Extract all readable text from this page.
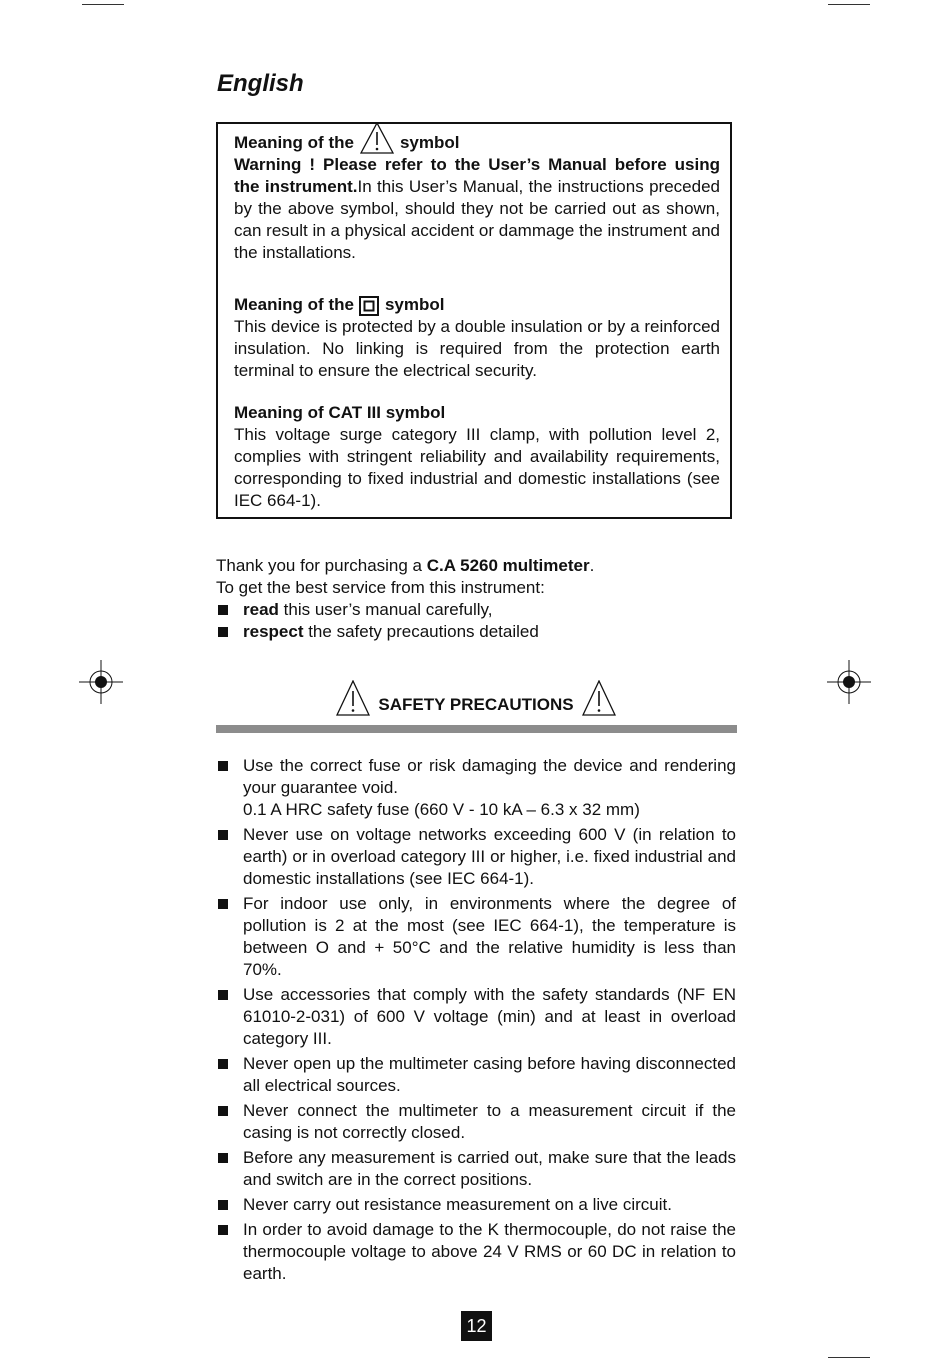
English
Meaning of the	symbol

Warning ! Please refer to the User’s Manual before using the instrument.In this User’s Manual, the instructions preceded by the above symbol, should they not be carried out as shown, can result in a physical accident or dammage the instrument and the installations.

Meaning of the symbol

This device is protected by a double insulation or by a reinforced insulation. No linking is required from the protection earth terminal to ensure the electrical security.

Meaning of CAT III symbol

This voltage surge category III clamp, with pollution level 2, complies with stringent reliability and availability requirements, corresponding to fixed industrial and domestic installations (see IEC 664-1).

Thank you for purchasing a C.A 5260 multimeter.
To get the best service from this instrument:
read this user’s manual carefully,
respect the safety precautions detailed
SAFETY PRECAUTIONS
Use the correct fuse or risk damaging the device and rendering your guarantee void.
0.1 A HRC safety fuse (660 V - 10 kA – 6.3 x 32 mm)
Never use on voltage networks exceeding 600 V (in relation to earth) or in overload category III or higher, i.e. fixed industrial and domestic installations (see IEC 664-1).
For indoor use only, in environments where the degree of pollution is 2 at the most (see IEC 664-1), the temperature is between O and + 50°C and the relative humidity is less than 70%.
Use accessories that comply with the safety standards (NF EN 61010-2-031) of 600 V voltage (min) and at least in overload category III.
Never open up the multimeter casing before having disconnected all electrical sources.
Never connect the multimeter to a measurement circuit if the casing is not correctly closed.
Before any measurement is carried out, make sure that the leads and switch are in the correct positions.
Never carry out resistance measurement on a live circuit.
In order to avoid damage to the K thermocouple, do not raise the thermocouple voltage to above 24 V RMS or 60 DC in relation to earth.
12
